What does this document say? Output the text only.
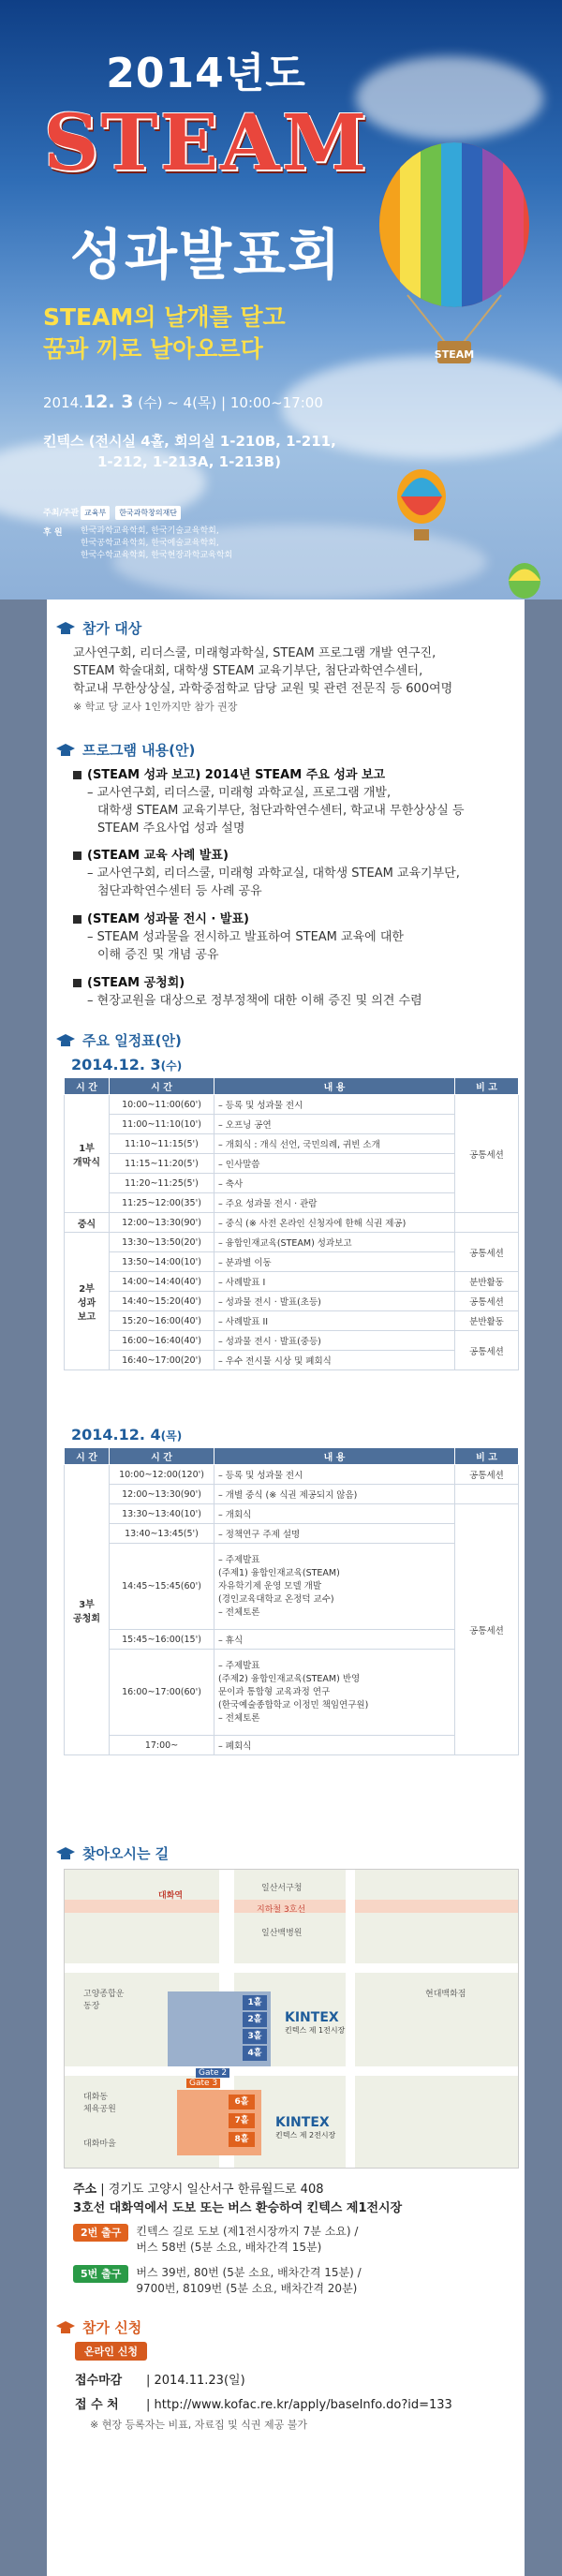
2014년도
STEAM
성과발표회
STEAM의 날개를 달고
꿈과 끼로 날아오르다
2014.12. 3 (수) ~ 4(목) | 10:00~17:00
킨텍스 (전시실 4홀, 회의실 1-210B, 1-211,
1-212, 1-213A, 1-213B)
주최/주관 교육부	한국과학창의재단
후 원	한국과학교육학회, 한국기술교육학회,
한국공학교육학회, 한국예술교육학회,
한국수학교육학회, 한국현장과학교육학회
STEAM
참가 대상
교사연구회, 리더스쿨, 미래형과학실, STEAM 프로그램 개발 연구진,
STEAM 학술대회, 대학생 STEAM 교육기부단, 첨단과학연수센터,
학교내 무한상상실, 과학중점학교 담당 교원 및 관련 전문직 등 600여명
※ 학교 당 교사 1인까지만 참가 권장
프로그램 내용(안)
(STEAM 성과 보고) 2014년 STEAM 주요 성과 보고
– 교사연구회, 리더스쿨, 미래형 과학교실, 프로그램 개발,
대학생 STEAM 교육기부단, 첨단과학연수센터, 학교내 무한상상실 등
STEAM 주요사업 성과 설명
(STEAM 교육 사례 발표)
– 교사연구회, 리더스쿨, 미래형 과학교실, 대학생 STEAM 교육기부단,
첨단과학연수센터 등 사례 공유
(STEAM 성과물 전시 · 발표)
– STEAM 성과물을 전시하고 발표하여 STEAM 교육에 대한
이해 증진 및 개념 공유
(STEAM 공청회)
– 현장교원을 대상으로 정부정책에 대한 이해 증진 및 의견 수렴
주요 일정표(안)
2014.12. 3(수)
시 간	시 간	내 용	비 고
1부
개막식	10:00~11:00(60')	– 등록 및 성과물 전시	공통세션
	11:00~11:10(10')	– 오프닝 공연	
	11:10~11:15(5')	– 개회식 : 개식 선언, 국민의례, 귀빈 소개	
	11:15~11:20(5')	– 인사말씀	
	11:20~11:25(5')	– 축사	
	11:25~12:00(35')	– 주요 성과물 전시 · 관람	
중식	12:00~13:30(90')	– 중식 (※ 사전 온라인 신청자에 한해 식권 제공)	
2부
성과
보고	13:30~13:50(20')	– 융합인재교육(STEAM) 성과보고	공통세션
	13:50~14:00(10')	– 분과별 이동	
	14:00~14:40(40')	– 사례발표 I	분반활동
	14:40~15:20(40')	– 성과물 전시 · 발표(초등)	공통세션
	15:20~16:00(40')	– 사례발표 II	분반활동
	16:00~16:40(40')	– 성과물 전시 · 발표(중등)	공통세션
	16:40~17:00(20')	– 우수 전시물 시상 및 폐회식	
2014.12. 4(목)
시 간	시 간	내 용	비 고
3부
공청회	10:00~12:00(120')	– 등록 및 성과물 전시	공통세션
	12:00~13:30(90')	– 개별 중식 (※ 식권 제공되지 않음)	
	13:30~13:40(10')	– 개회식	공통세션
	13:40~13:45(5')	– 정책연구 주제 설명	
	14:45~15:45(60')	– 주제발표
(주제1) 융합인재교육(STEAM)
자유학기제 운영 모델 개발
(경인교육대학교 온정덕 교수)
– 전체토론	
	15:45~16:00(15')	– 휴식	
	16:00~17:00(60')	– 주제발표
(주제2) 융합인재교육(STEAM) 반영
문이과 통합형 교육과정 연구
(한국예술종합학교 이정민 책임연구원)
– 전체토론	
	17:00~	– 폐회식	
찾아오시는 길
일산서구청
지하철 3호선
일산백병원
대화역
고양종합운동장
현대백화점
대화동
체육공원
대화마을
1홀
2홀
3홀
4홀
KINTEX
킨텍스 제 1전시장
Gate 2
6홀
7홀
8홀
KINTEX
킨텍스 제 2전시장
Gate 3
주소 | 경기도 고양시 일산서구 한류월드로 408
3호선 대화역에서 도보 또는 버스 환승하여 킨텍스 제1전시장
2번 출구	킨텍스 길로 도보 (제1전시장까지 7분 소요) /
버스 58번 (5분 소요, 배차간격 15분)
5번 출구	버스 39번, 80번 (5분 소요, 배차간격 15분) /
9700번, 8109번 (5분 소요, 배차간격 20분)
참가 신청
온라인 신청
접수마감 | 2014.11.23(일)
접 수 처 | http://www.kofac.re.kr/apply/baseInfo.do?id=133
※ 현장 등록자는 비표, 자료집 및 식권 제공 불가
